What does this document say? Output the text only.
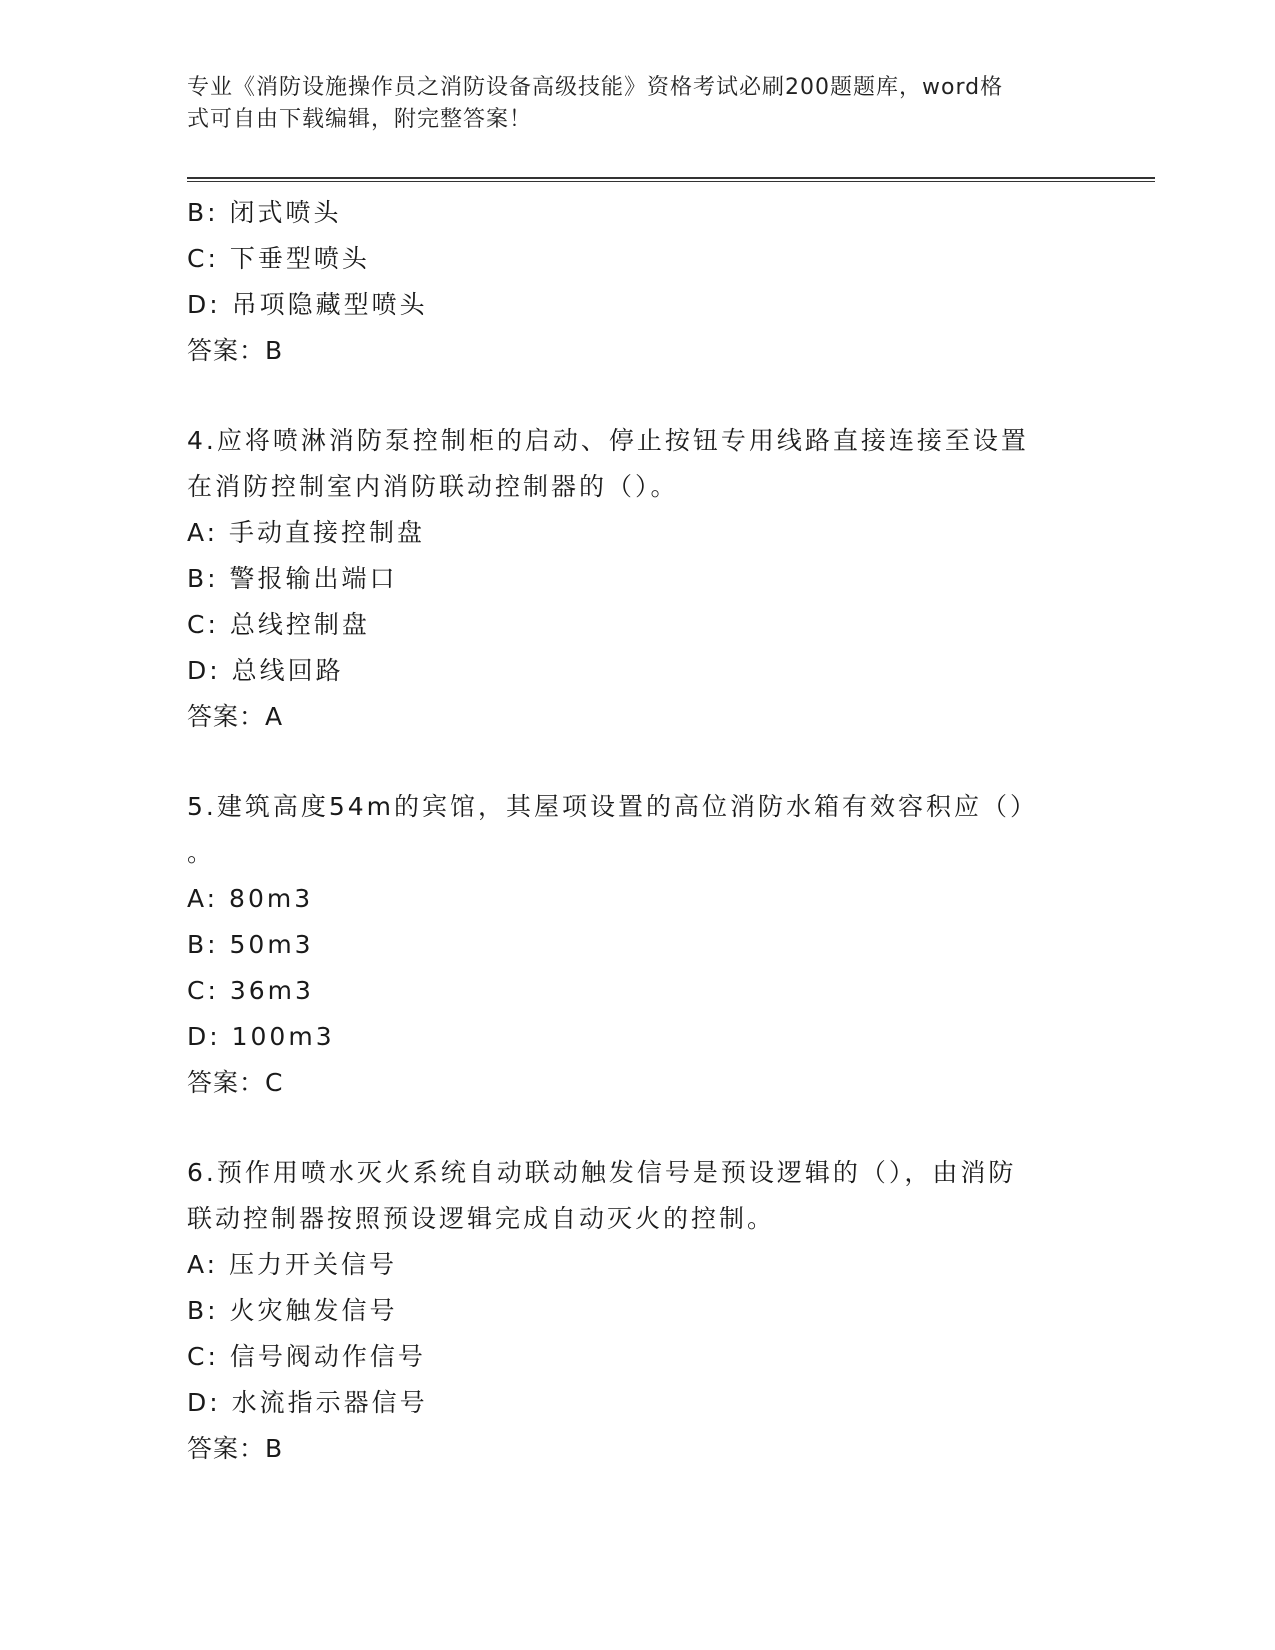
专业《消防设施操作员之消防设备高级技能》资格考试必刷200题题库，word格
式可自由下载编辑，附完整答案！
B: 闭式喷头
C: 下垂型喷头
D: 吊项隐藏型喷头
答案：B
4.应将喷淋消防泵控制柜的启动、停止按钮专用线路直接连接至设置
在消防控制室内消防联动控制器的（）。
A: 手动直接控制盘
B: 警报输出端口
C: 总线控制盘
D: 总线回路
答案：A
5.建筑高度54m的宾馆，其屋项设置的高位消防水箱有效容积应（）
。
A: 80m3
B: 50m3
C: 36m3
D: 100m3
答案：C
6.预作用喷水灭火系统自动联动触发信号是预设逻辑的（），由消防
联动控制器按照预设逻辑完成自动灭火的控制。
A: 压力开关信号
B: 火灾触发信号
C: 信号阀动作信号
D: 水流指示器信号
答案：B
